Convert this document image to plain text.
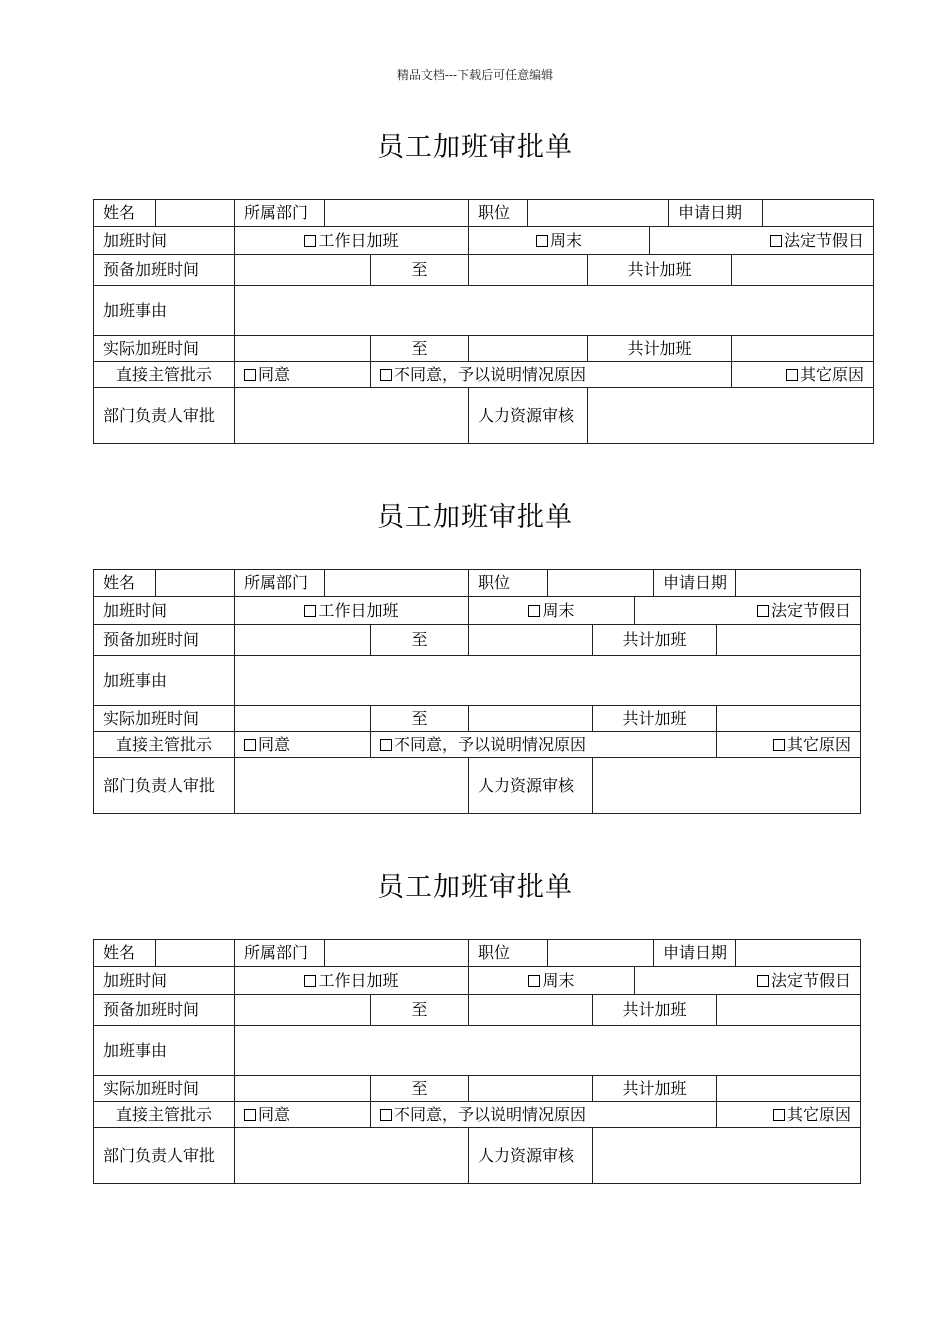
精品文档---下载后可任意编辑
员工加班审批单
姓名		所属部门			职位				申请日期		
加班时间		工作日加班			周末			法定节假日			
预备加班时间				至			共计加班				
加班事由											
实际加班时间				至			共计加班				
直接主管批示		同意		不同意，予以说明情况原因						其它原因	
部门负责人审批					人力资源审核						
员工加班审批单
姓名		所属部门			职位				申请日期		
加班时间		工作日加班			周末			法定节假日			
预备加班时间				至			共计加班				
加班事由											
实际加班时间				至			共计加班				
直接主管批示		同意		不同意，予以说明情况原因						其它原因	
部门负责人审批					人力资源审核						
员工加班审批单
姓名		所属部门			职位				申请日期		
加班时间		工作日加班			周末			法定节假日			
预备加班时间				至			共计加班				
加班事由											
实际加班时间				至			共计加班				
直接主管批示		同意		不同意，予以说明情况原因						其它原因	
部门负责人审批					人力资源审核						
